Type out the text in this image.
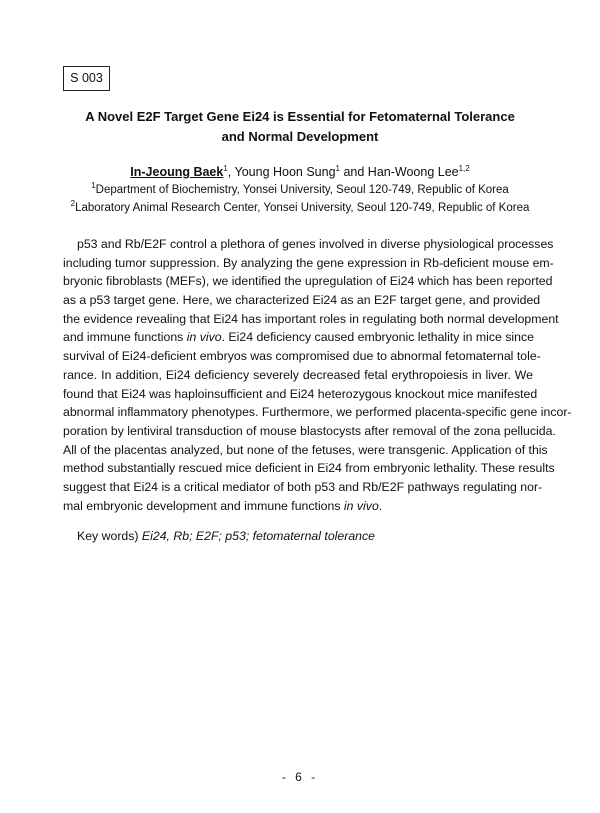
S 003
A Novel E2F Target Gene Ei24 is Essential for Fetomaternal Tolerance
and Normal Development
In-Jeoung Baek$^1$, Young Hoon Sung$^1$ and Han-Woong Lee$^{1,2}$
$^1$Department of Biochemistry, Yonsei University, Seoul 120-749, Republic of Korea
$^2$Laboratory Animal Research Center, Yonsei University, Seoul 120-749, Republic of Korea
p53 and Rb/E2F control a plethora of genes involved in diverse physiological processes
including tumor suppression. By analyzing the gene expression in Rb-deficient mouse em-
bryonic fibroblasts (MEFs), we identified the upregulation of Ei24 which has been reported
as a p53 target gene. Here, we characterized Ei24 as an E2F target gene, and provided
the evidence revealing that Ei24 has important roles in regulating both normal development
and immune functions in vivo. Ei24 deficiency caused embryonic lethality in mice since
survival of Ei24-deficient embryos was compromised due to abnormal fetomaternal tole-
rance. In addition, Ei24 deficiency severely decreased fetal erythropoiesis in liver. We
found that Ei24 was haploinsufficient and Ei24 heterozygous knockout mice manifested
abnormal inflammatory phenotypes. Furthermore, we performed placenta-specific gene incor-
poration by lentiviral transduction of mouse blastocysts after removal of the zona pellucida.
All of the placentas analyzed, but none of the fetuses, were transgenic. Application of this
method substantially rescued mice deficient in Ei24 from embryonic lethality. These results
suggest that Ei24 is a critical mediator of both p53 and Rb/E2F pathways regulating nor-
mal embryonic development and immune functions in vivo.
Key words) Ei24, Rb; E2F; p53; fetomaternal tolerance
- 6 -
